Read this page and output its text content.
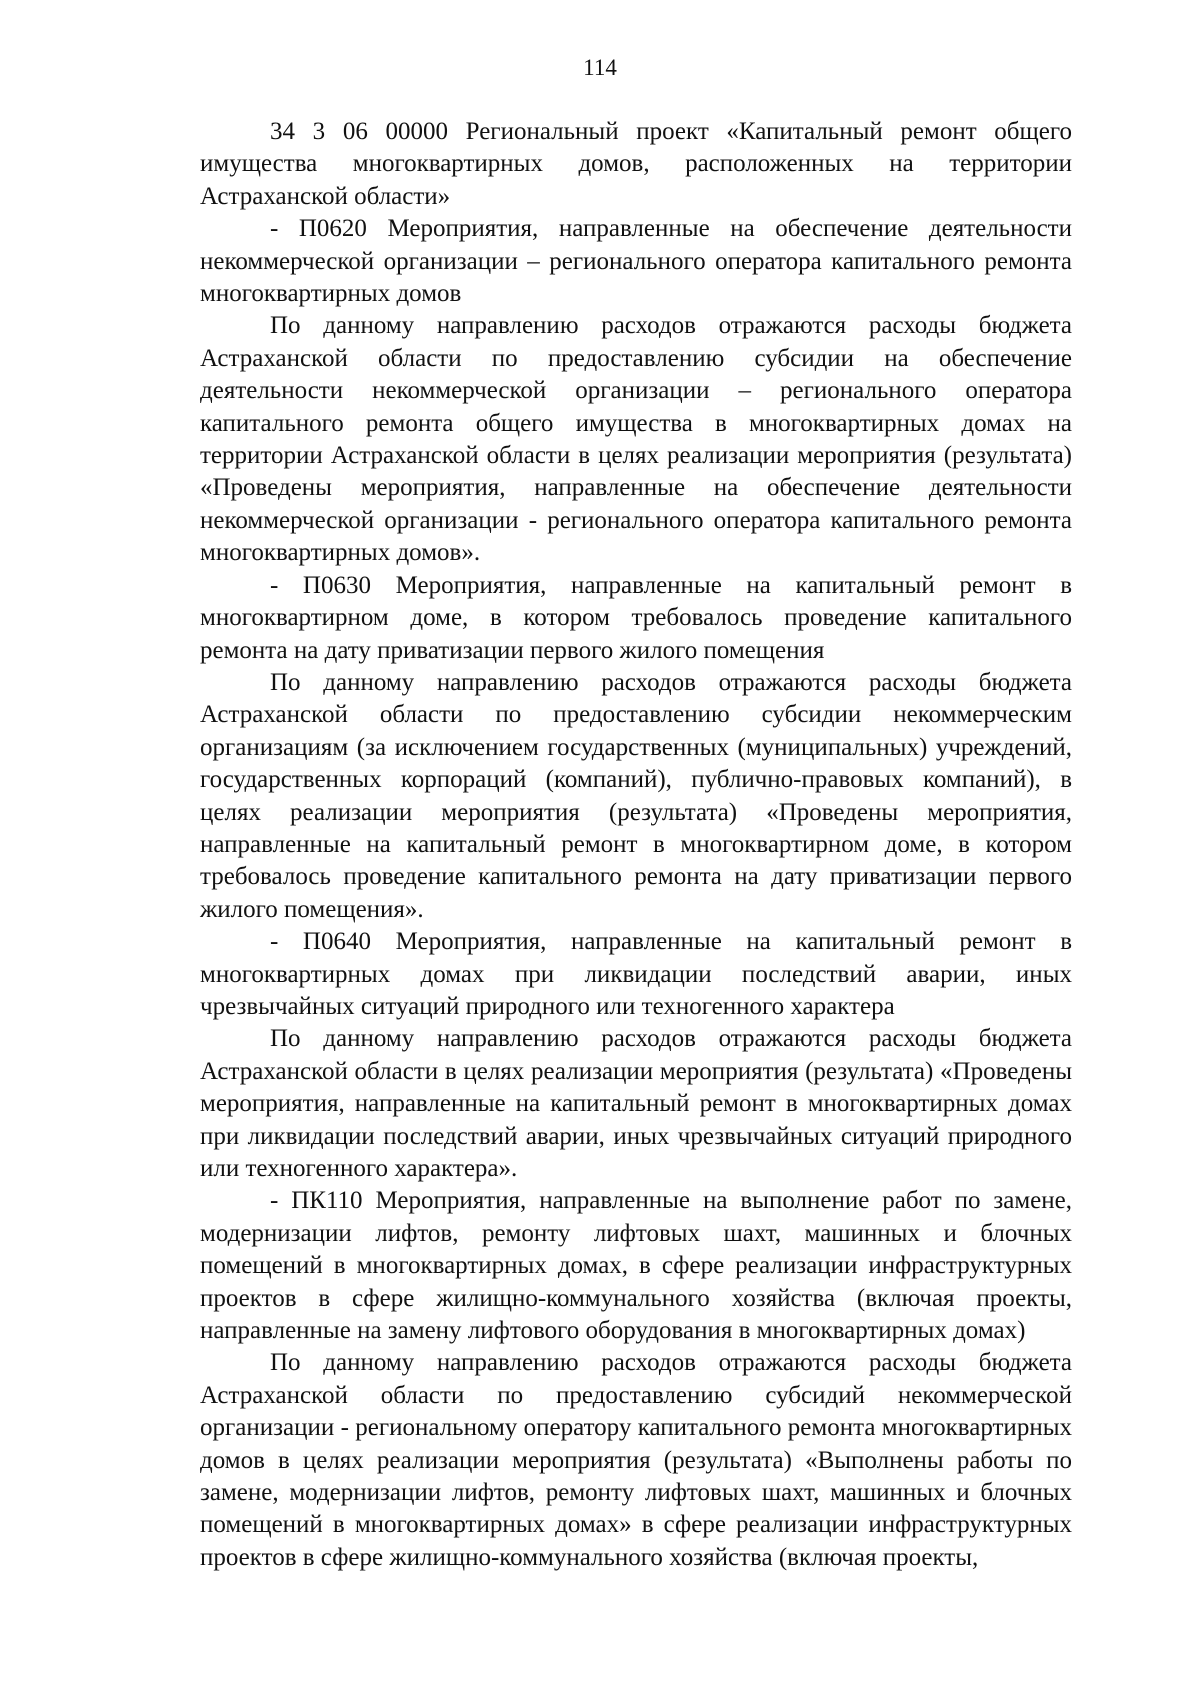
114

34 3 06 00000 Региональный проект «Капитальный ремонт общего имущества многоквартирных домов, расположенных на территории Астраханской области»

- П0620 Мероприятия, направленные на обеспечение деятельности некоммерческой организации – регионального оператора капитального ремонта многоквартирных домов

По данному направлению расходов отражаются расходы бюджета Астраханской области по предоставлению субсидии на обеспечение деятельности некоммерческой организации – регионального оператора капитального ремонта общего имущества в многоквартирных домах на территории Астраханской области в целях реализации мероприятия (результата) «Проведены мероприятия, направленные на обеспечение деятельности некоммерческой организации - регионального оператора капитального ремонта многоквартирных домов».

- П0630 Мероприятия, направленные на капитальный ремонт в многоквартирном доме, в котором требовалось проведение капитального ремонта на дату приватизации первого жилого помещения

По данному направлению расходов отражаются расходы бюджета Астраханской области по предоставлению субсидии некоммерческим организациям (за исключением государственных (муниципальных) учреждений, государственных корпораций (компаний), публично-правовых компаний), в целях реализации мероприятия (результата) «Проведены мероприятия, направленные на капитальный ремонт в многоквартирном доме, в котором требовалось проведение капитального ремонта на дату приватизации первого жилого помещения».

- П0640 Мероприятия, направленные на капитальный ремонт в многоквартирных домах при ликвидации последствий аварии, иных чрезвычайных ситуаций природного или техногенного характера

По данному направлению расходов отражаются расходы бюджета Астраханской области в целях реализации мероприятия (результата) «Проведены мероприятия, направленные на капитальный ремонт в многоквартирных домах при ликвидации последствий аварии, иных чрезвычайных ситуаций природного или техногенного характера».

- ПК110 Мероприятия, направленные на выполнение работ по замене, модернизации лифтов, ремонту лифтовых шахт, машинных и блочных помещений в многоквартирных домах, в сфере реализации инфраструктурных проектов в сфере жилищно-коммунального хозяйства (включая проекты, направленные на замену лифтового оборудования в многоквартирных домах)

По данному направлению расходов отражаются расходы бюджета Астраханской области по предоставлению субсидий некоммерческой организации - региональному оператору капитального ремонта многоквартирных домов в целях реализации мероприятия (результата) «Выполнены работы по замене, модернизации лифтов, ремонту лифтовых шахт, машинных и блочных помещений в многоквартирных домах» в сфере реализации инфраструктурных проектов в сфере жилищно-коммунального хозяйства (включая проекты,
